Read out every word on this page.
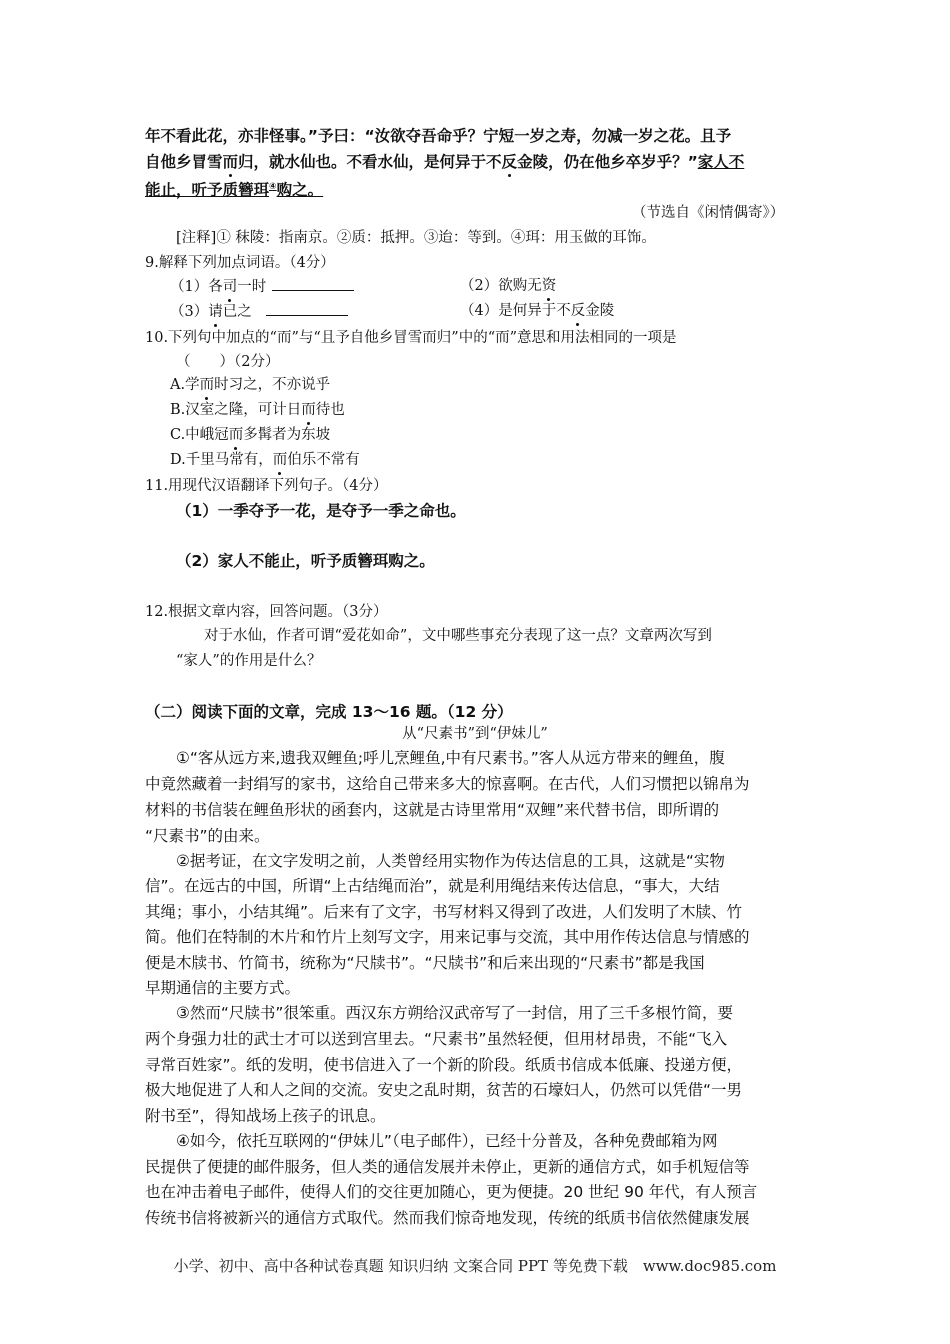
年不看此花，亦非怪事。”予曰：“汝欲夺吾命乎？宁短一岁之寿，勿减一岁之花。且予
自他乡冒雪而归，就水仙也。不看水仙，是何异于不反金陵，仍在他乡卒岁乎？”家人不
能止，听予质簪珥④购之。
（节选自《闲情偶寄》）
[注释]① 秣陵：指南京。②质：抵押。③迨：等到。④珥：用玉做的耳饰。
9.解释下列加点词语。（4分）
（1）各司一时	（2）欲购无资
（3）请已之	（4）是何异于不反金陵
10.下列句中加点的“而”与“且予自他乡冒雪而归”中的“而”意思和用法相同的一项是
（　　）（2分）
A.学而时习之，不亦说乎
B.汉室之隆，可计日而待也
C.中峨冠而多髯者为东坡
D.千里马常有，而伯乐不常有
11.用现代汉语翻译下列句子。（4分）
（1）一季夺予一花，是夺予一季之命也。
（2）家人不能止，听予质簪珥购之。
12.根据文章内容，回答问题。（3分）
对于水仙，作者可谓“爱花如命”，文中哪些事充分表现了这一点？文章两次写到
“家人”的作用是什么？
（二）阅读下面的文章，完成 13～16 题。（12 分）
从“尺素书”到“伊妹儿”
①“客从远方来,遗我双鲤鱼;呼儿烹鲤鱼,中有尺素书。”客人从远方带来的鲤鱼，腹
中竟然藏着一封绢写的家书，这给自己带来多大的惊喜啊。在古代，人们习惯把以锦帛为
材料的书信装在鲤鱼形状的函套内，这就是古诗里常用“双鲤”来代替书信，即所谓的
“尺素书”的由来。
②据考证，在文字发明之前，人类曾经用实物作为传达信息的工具，这就是“实物
信”。在远古的中国，所谓“上古结绳而治”，就是利用绳结来传达信息，“事大，大结
其绳；事小，小结其绳”。后来有了文字，书写材料又得到了改进，人们发明了木牍、竹
简。他们在特制的木片和竹片上刻写文字，用来记事与交流，其中用作传达信息与情感的
便是木牍书、竹简书，统称为“尺牍书”。“尺牍书”和后来出现的“尺素书”都是我国
早期通信的主要方式。
③然而“尺牍书”很笨重。西汉东方朔给汉武帝写了一封信，用了三千多根竹简，要
两个身强力壮的武士才可以送到宫里去。“尺素书”虽然轻便，但用材昂贵，不能“飞入
寻常百姓家”。纸的发明，使书信进入了一个新的阶段。纸质书信成本低廉、投递方便，
极大地促进了人和人之间的交流。安史之乱时期，贫苦的石壕妇人，仍然可以凭借“一男
附书至”，得知战场上孩子的讯息。
④如今，依托互联网的“伊妹儿”（电子邮件），已经十分普及，各种免费邮箱为网
民提供了便捷的邮件服务，但人类的通信发展并未停止，更新的通信方式，如手机短信等
也在冲击着电子邮件，使得人们的交往更加随心，更为便捷。20 世纪 90 年代，有人预言
传统书信将被新兴的通信方式取代。然而我们惊奇地发现，传统的纸质书信依然健康发展
小学、初中、高中各种试卷真题 知识归纳 文案合同 PPT 等免费下载　www.doc985.com
